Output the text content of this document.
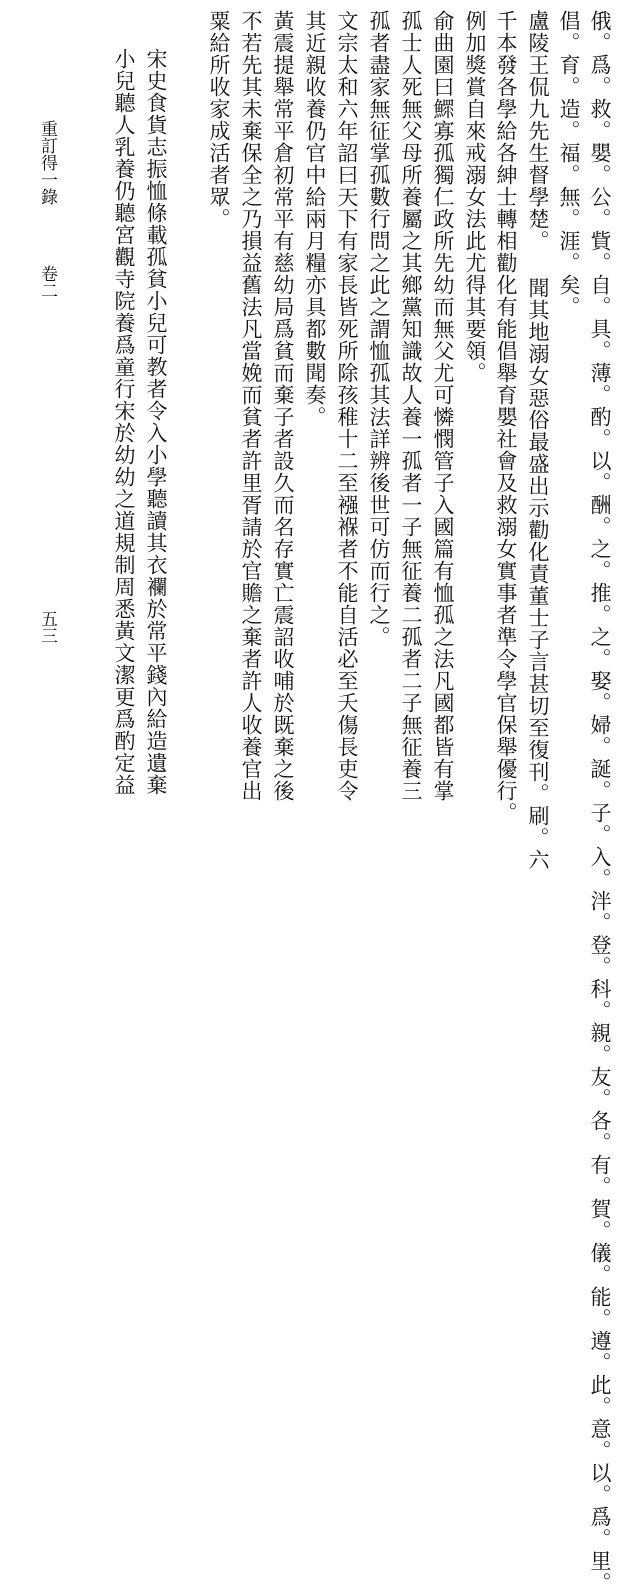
俄。爲。救。嬰。公。貲。自。具。薄。酌。以。酬。之。推。之。娶。婦。誕。子。入。泮。登。科。親。友。各。有。賀。儀。能。遵。此。意。以。爲。里。
倡。育。造。福。無。涯。矣。
盧陵王侃九先生督學楚。 聞其地溺女惡俗最盛出示勸化責董士子言甚切至復刊。刷。六
千本發各學給各紳士轉相勸化有能倡舉育嬰社會及救溺女實事者準令學官保舉優行。
例加獎賞自來戒溺女法此尤得其要領。
俞曲園曰鰥寡孤獨仁政所先幼而無父尤可憐憫管子入國篇有恤孤之法凡國都皆有掌
孤士人死無父母所養屬之其鄉黨知識故人養一孤者一子無征養二孤者二子無征養三
孤者盡家無征掌孤數行問之此之謂恤孤其法詳辨後世可仿而行之。
文宗太和六年詔曰天下有家長皆死所除孩稚十二至襁褓者不能自活必至夭傷長吏令
其近親收養仍官中給兩月糧亦具都數聞奏。
黃震提舉常平倉初常平有慈幼局爲貧而棄子者設久而名存實亡震詔收哺於既棄之後
不若先其未棄保全之乃損益舊法凡當娩而貧者許里胥請於官贍之棄者許人收養官出
粟給所收家成活者眾。
宋史食貨志振恤條載孤貧小兒可教者令入小學聽讀其衣襴於常平錢內給造遺棄
小兒聽人乳養仍聽宮觀寺院養爲童行宋於幼幼之道規制周悉黃文潔更爲酌定益
重訂得一錄
卷二
五三
